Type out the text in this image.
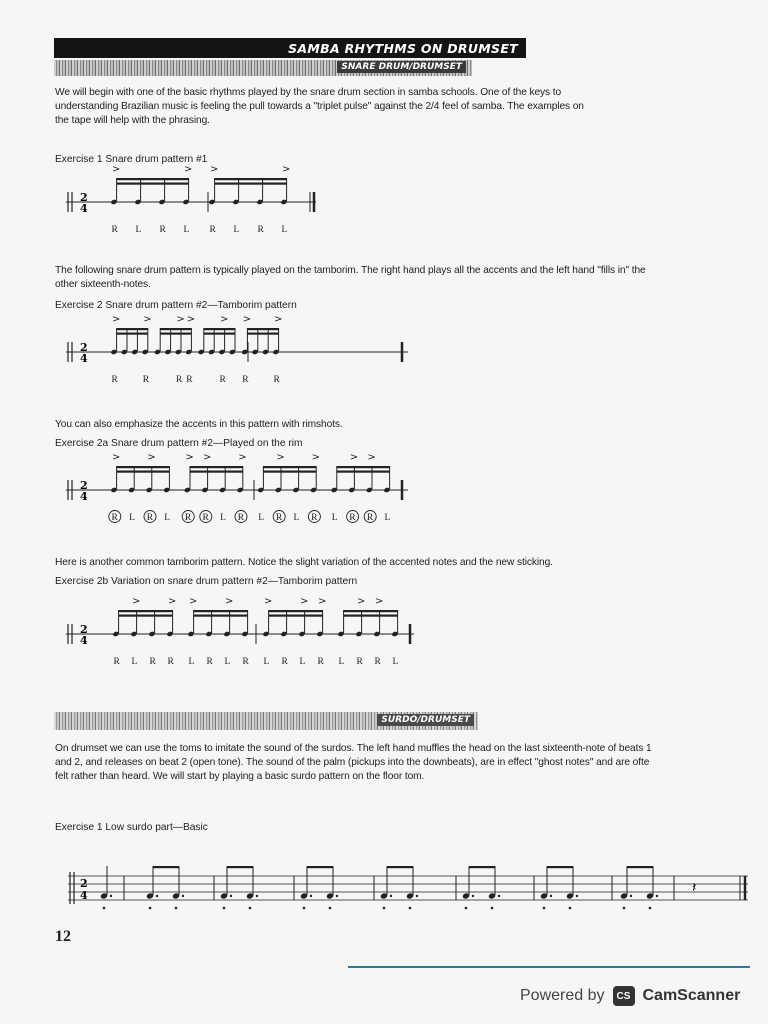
SAMBA RHYTHMS ON DRUMSET
SNARE DRUM/DRUMSET
We will begin with one of the basic rhythms played by the snare drum section in samba schools. One of the keys to
understanding Brazilian music is feeling the pull towards a "triplet pulse" against the 2/4 feel of samba. The examples on
the tape will help with the phrasing.
Exercise 1 Snare drum pattern #1
2
4
>
R L R
>
L
>
R L R
>
L
The following snare drum pattern is typically played on the tamborim. The right hand plays all the accents and the left hand "fills in" the
other sixteenth-notes.
Exercise 2 Snare drum pattern #2—Tamborim pattern
2
4
>
R
>
R
>
R
>
R
>
R
>
R
>
R
You can also emphasize the accents in this pattern with rimshots.
Exercise 2a Snare drum pattern #2—Played on the rim
2
4
>
R L
>
R L
>
R
>
R L
>
R L
>
R L
>
R L
>
R
>
R L
Here is another common tamborim pattern. Notice the slight variation of the accented notes and the new sticking.
Exercise 2b Variation on snare drum pattern #2—Tamborim pattern
2
4
R
>
L R
>
R
>
L R
>
L R
>
L R
>
L
>
R L
>
R
>
R L
SURDO/DRUMSET
On drumset we can use the toms to imitate the sound of the surdos. The left hand muffles the head on the last sixteenth-note of beats 1
and 2, and releases on beat 2 (open tone). The sound of the palm (pickups into the downbeats), are in effect "ghost notes" and are ofte
felt rather than heard. We will start by playing a basic surdo pattern on the floor tom.
Exercise 1 Low surdo part—Basic
2
4	𝄽
12
Powered by	CS CamScanner
